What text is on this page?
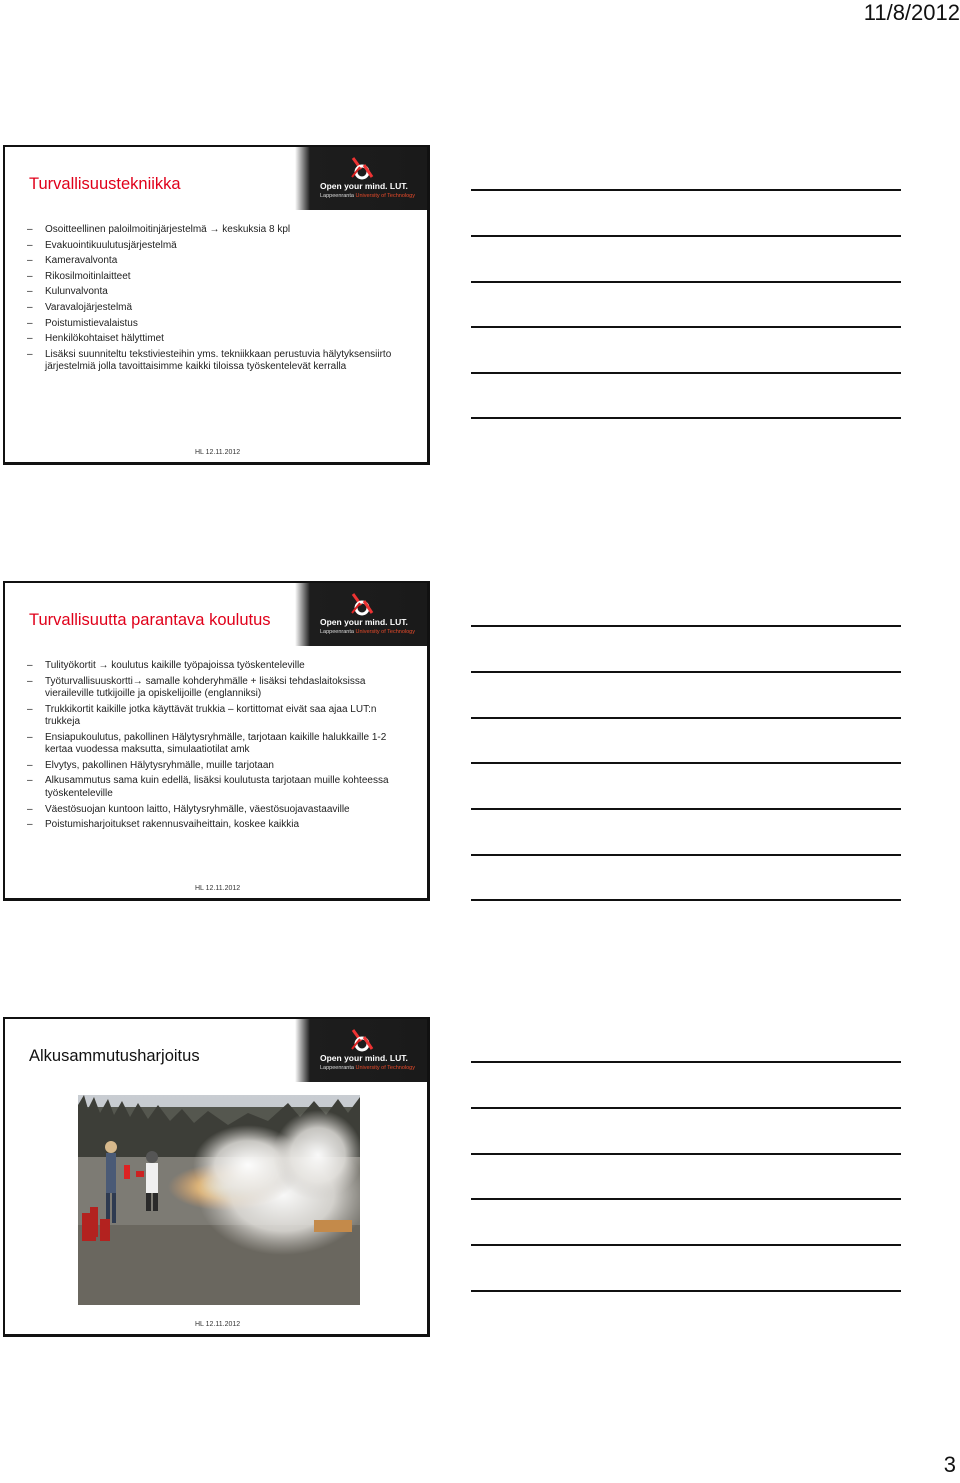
11/8/2012
Turvallisuustekniikka	Open your mind. LUT.
Lappeenranta University of Technology
– Osoitteellinen paloilmoitinjärjestelmä → keskuksia 8 kpl
– Evakuointikuulutusjärjestelmä
– Kameravalvonta
– Rikosilmoitinlaitteet
– Kulunvalvonta
– Varavalojärjestelmä
– Poistumistievalaistus
– Henkilökohtaiset hälyttimet
– Lisäksi suunniteltu tekstiviesteihin yms. tekniikkaan perustuvia hälytyksensiirto järjestelmiä jolla tavoittaisimme kaikki tiloissa työskentelevät kerralla
HL 12.11.2012
Turvallisuutta parantava koulutus	Open your mind. LUT.
Lappeenranta University of Technology
– Tulityökortit → koulutus kaikille työpajoissa työskenteleville
– Työturvallisuuskortti→ samalle kohderyhmälle + lisäksi tehdaslaitoksissa vieraileville tutkijoille ja opiskelijoille (englanniksi)
– Trukkikortit kaikille jotka käyttävät trukkia – kortittomat eivät saa ajaa LUT:n trukkeja
– Ensiapukoulutus, pakollinen Hälytysryhmälle, tarjotaan kaikille halukkaille 1-2 kertaa vuodessa maksutta, simulaatiotilat amk
– Elvytys, pakollinen Hälytysryhmälle, muille tarjotaan
– Alkusammutus sama kuin edellä, lisäksi koulutusta tarjotaan muille kohteessa työskenteleville
– Väestösuojan kuntoon laitto, Hälytysryhmälle, väestösuojavastaaville
– Poistumisharjoitukset rakennusvaiheittain, koskee kaikkia
HL 12.11.2012
Alkusammutusharjoitus	Open your mind. LUT.
Lappeenranta University of Technology
HL 12.11.2012
3
